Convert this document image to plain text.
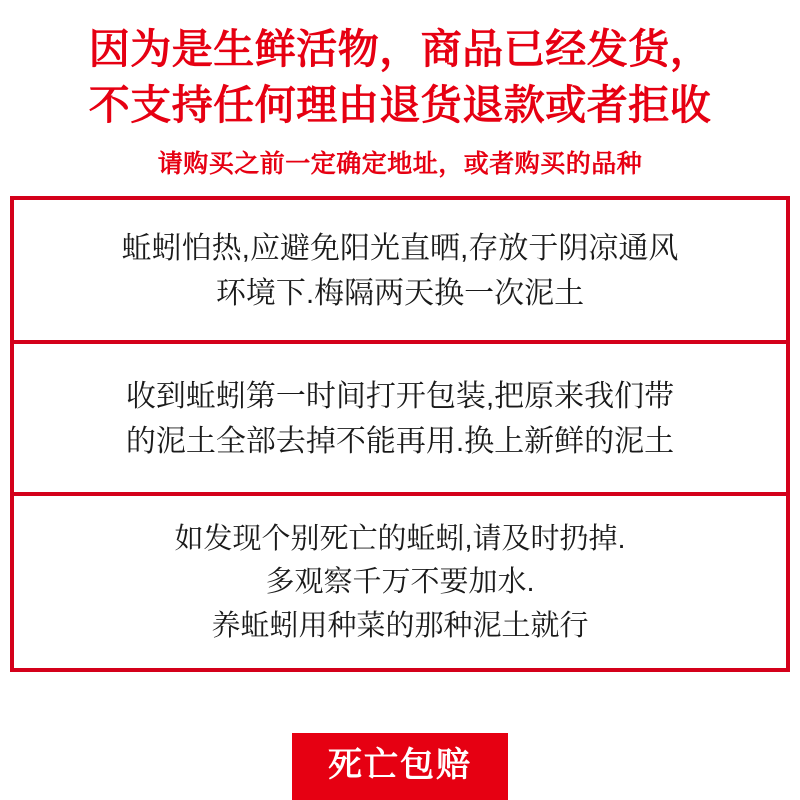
因为是生鲜活物，商品已经发货，
不支持任何理由退货退款或者拒收
请购买之前一定确定地址，或者购买的品种
蚯蚓怕热,应避免阳光直晒,存放于阴凉通风
环境下.梅隔两天换一次泥土
收到蚯蚓第一时间打开包装,把原来我们带
的泥土全部去掉不能再用.换上新鲜的泥土
如发现个别死亡的蚯蚓,请及时扔掉.
多观察千万不要加水.
养蚯蚓用种菜的那种泥土就行
死亡包赔
